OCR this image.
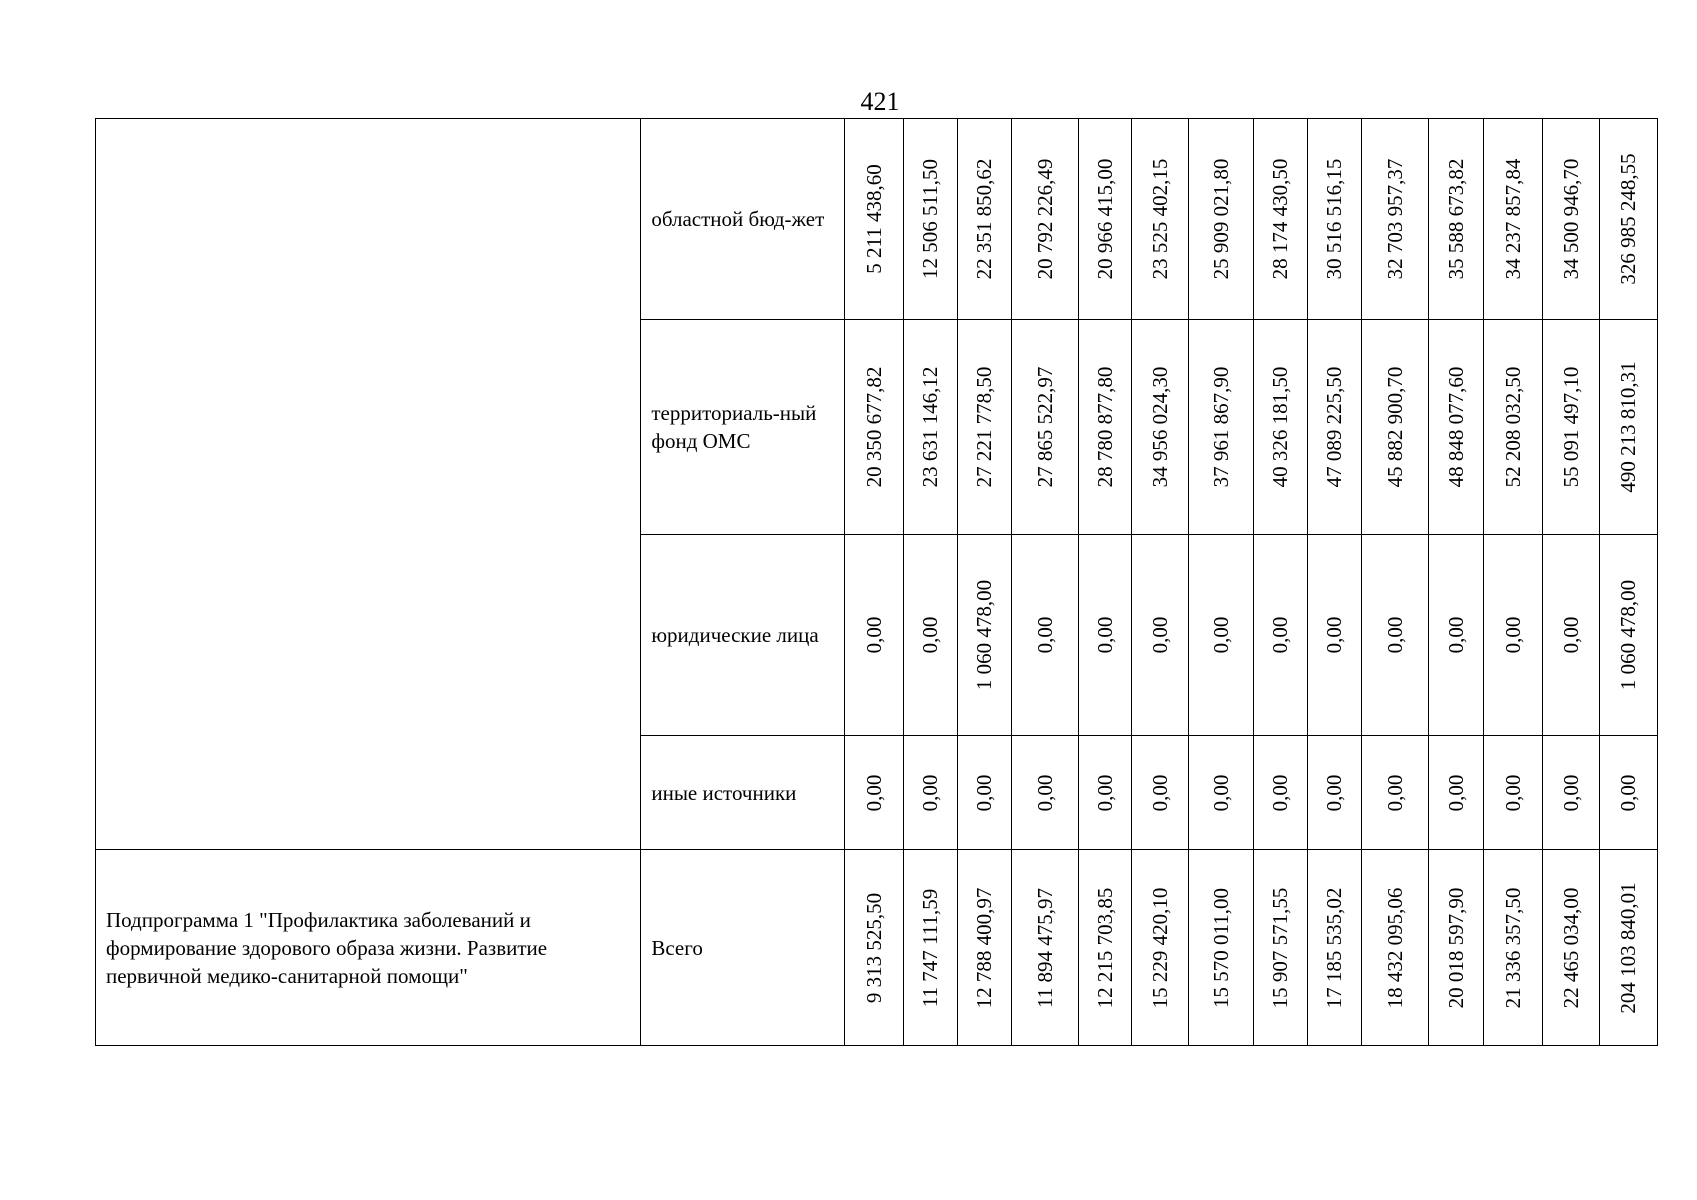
421
	областной бюд-жет	5 211 438,60	12 506 511,50	22 351 850,62	20 792 226,49	20 966 415,00	23 525 402,15	25 909 021,80	28 174 430,50	30 516 516,15	32 703 957,37	35 588 673,82	34 237 857,84	34 500 946,70	326 985 248,55

	территориаль-ный фонд ОМС	20 350 677,82	23 631 146,12	27 221 778,50	27 865 522,97	28 780 877,80	34 956 024,30	37 961 867,90	40 326 181,50	47 089 225,50	45 882 900,70	48 848 077,60	52 208 032,50	55 091 497,10	490 213 810,31

	юридические лица	0,00	0,00	1 060 478,00	0,00	0,00	0,00	0,00	0,00	0,00	0,00	0,00	0,00	0,00	1 060 478,00

	иные источники	0,00	0,00	0,00	0,00	0,00	0,00	0,00	0,00	0,00	0,00	0,00	0,00	0,00	0,00

Подпрограмма 1 "Профилактика заболеваний и формирование здорового образа жизни. Развитие первичной медико-санитарной помощи"	Всего	9 313 525,50	11 747 111,59	12 788 400,97	11 894 475,97	12 215 703,85	15 229 420,10	15 570 011,00	15 907 571,55	17 185 535,02	18 432 095,06	20 018 597,90	21 336 357,50	22 465 034,00	204 103 840,01
